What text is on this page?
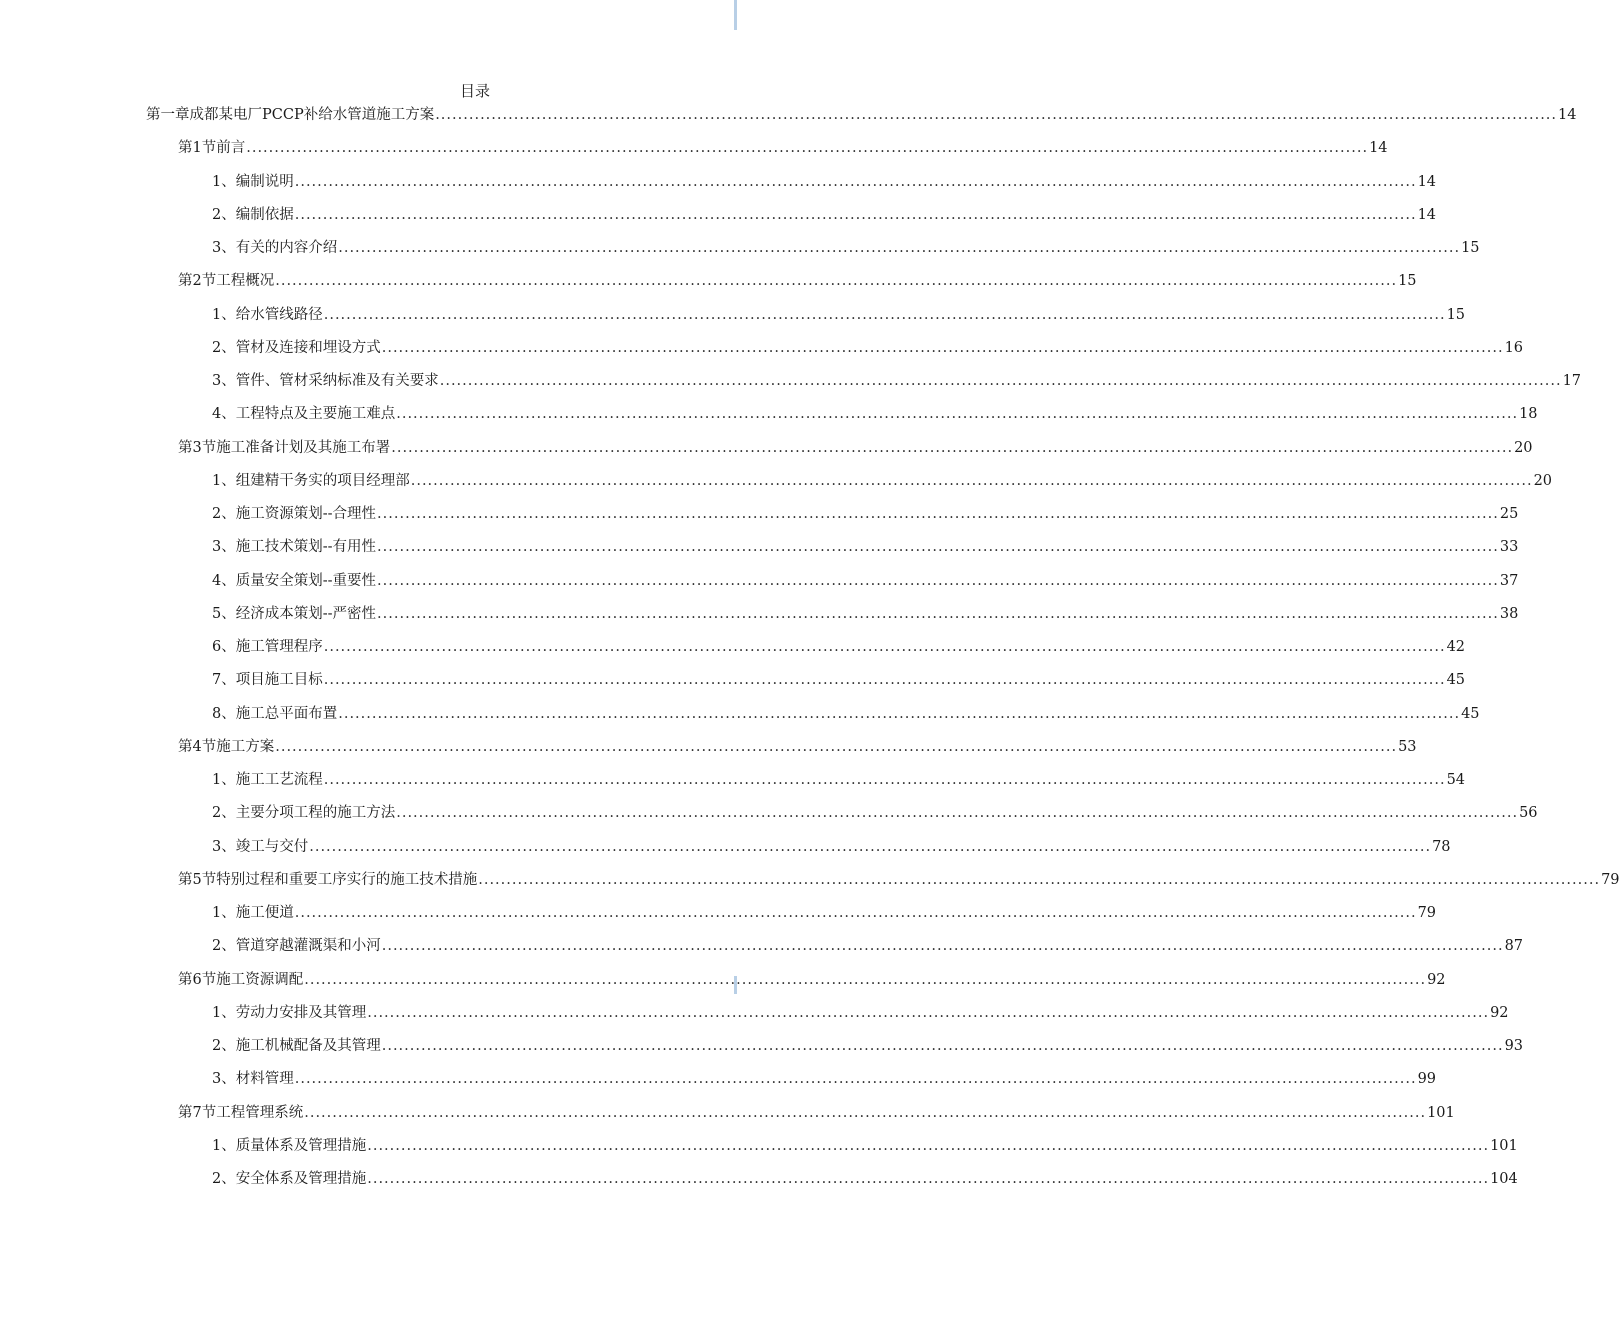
目录
第一章 成都某电厂PCCP补给水管道施工方案 ........................................................................................................................................................................................................ 14
第1节 前言 ........................................................................................................................................................................................................ 14
1、 编制说明 ........................................................................................................................................................................................................ 14
2、 编制依据 ........................................................................................................................................................................................................ 14
3、 有关的内容介绍 ........................................................................................................................................................................................................ 15
第2节 工程概况 ........................................................................................................................................................................................................ 15
1、 给水管线路径 ........................................................................................................................................................................................................ 15
2、 管材及连接和埋设方式 ........................................................................................................................................................................................................ 16
3、 管件、管材采纳标准及有关要求 ........................................................................................................................................................................................................ 17
4、 工程特点及主要施工难点 ........................................................................................................................................................................................................ 18
第3节 施工准备计划及其施工布署 ........................................................................................................................................................................................................ 20
1、 组建精干务实的项目经理部 ........................................................................................................................................................................................................ 20
2、 施工资源策划--合理性 ........................................................................................................................................................................................................ 25
3、 施工技术策划--有用性 ........................................................................................................................................................................................................ 33
4、 质量安全策划--重要性 ........................................................................................................................................................................................................ 37
5、 经济成本策划--严密性 ........................................................................................................................................................................................................ 38
6、 施工管理程序 ........................................................................................................................................................................................................ 42
7、 项目施工目标 ........................................................................................................................................................................................................ 45
8、 施工总平面布置 ........................................................................................................................................................................................................ 45
第4节 施工方案 ........................................................................................................................................................................................................ 53
1、 施工工艺流程 ........................................................................................................................................................................................................ 54
2、 主要分项工程的施工方法 ........................................................................................................................................................................................................ 56
3、 竣工与交付 ........................................................................................................................................................................................................ 78
第5节 特别过程和重要工序实行的施工技术措施 ........................................................................................................................................................................................................ 79
1、 施工便道 ........................................................................................................................................................................................................ 79
2、 管道穿越灌溉渠和小河 ........................................................................................................................................................................................................ 87
第6节 施工资源调配 ........................................................................................................................................................................................................ 92
1、 劳动力安排及其管理 ........................................................................................................................................................................................................ 92
2、 施工机械配备及其管理 ........................................................................................................................................................................................................ 93
3、 材料管理 ........................................................................................................................................................................................................ 99
第7节 工程管理系统 ........................................................................................................................................................................................................ 101
1、 质量体系及管理措施 ........................................................................................................................................................................................................ 101
2、 安全体系及管理措施 ........................................................................................................................................................................................................ 104
